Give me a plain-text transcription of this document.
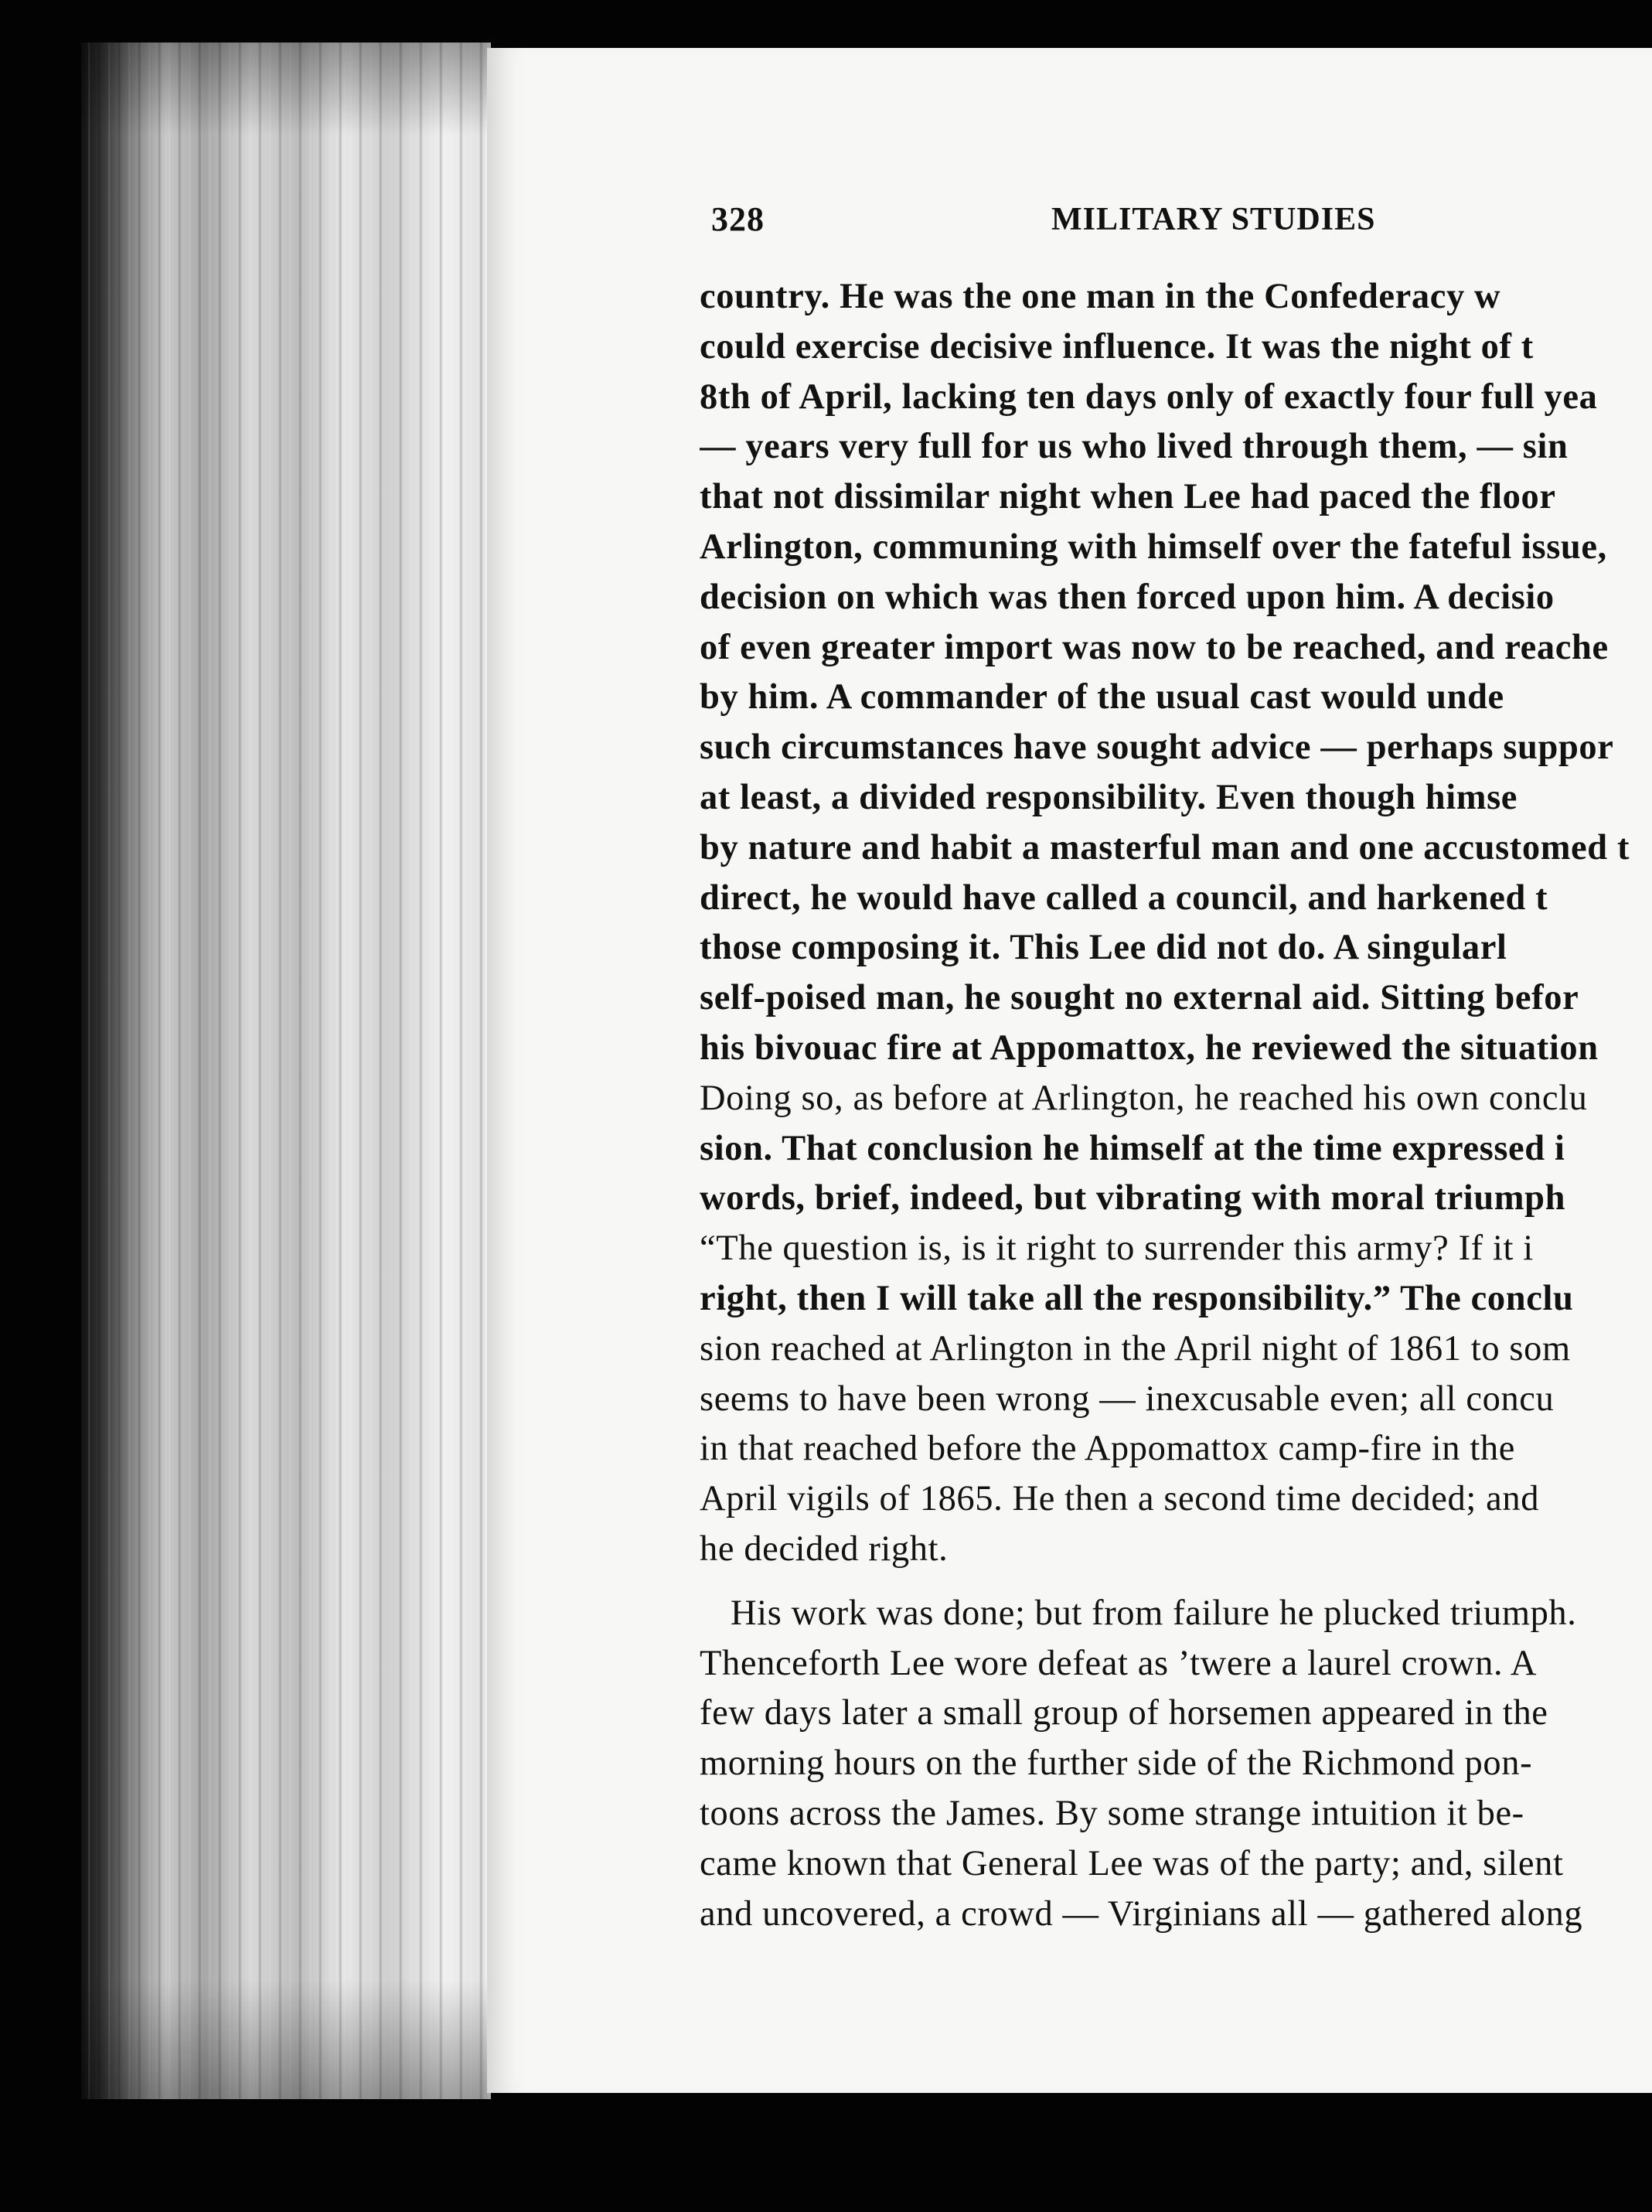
328	MILITARY STUDIES
country. He was the one man in the Confederacy w
could exercise decisive influence. It was the night of t
8th of April, lacking ten days only of exactly four full yea
— years very full for us who lived through them, — sin
that not dissimilar night when Lee had paced the floor
Arlington, communing with himself over the fateful issue,
decision on which was then forced upon him. A decisio
of even greater import was now to be reached, and reache
by him. A commander of the usual cast would unde
such circumstances have sought advice — perhaps suppor
at least, a divided responsibility. Even though himse
by nature and habit a masterful man and one accustomed t
direct, he would have called a council, and harkened t
those composing it. This Lee did not do. A singularl
self-poised man, he sought no external aid. Sitting befor
his bivouac fire at Appomattox, he reviewed the situation
Doing so, as before at Arlington, he reached his own conclu
sion. That conclusion he himself at the time expressed i
words, brief, indeed, but vibrating with moral triumph
“The question is, is it right to surrender this army? If it i
right, then I will take all the responsibility.” The conclu
sion reached at Arlington in the April night of 1861 to som
seems to have been wrong — inexcusable even; all concu
in that reached before the Appomattox camp-fire in the
April vigils of 1865. He then a second time decided; and
he decided right.
His work was done; but from failure he plucked triumph.
Thenceforth Lee wore defeat as ’twere a laurel crown. A
few days later a small group of horsemen appeared in the
morning hours on the further side of the Richmond pon-
toons across the James. By some strange intuition it be-
came known that General Lee was of the party; and, silent
and uncovered, a crowd — Virginians all — gathered along
